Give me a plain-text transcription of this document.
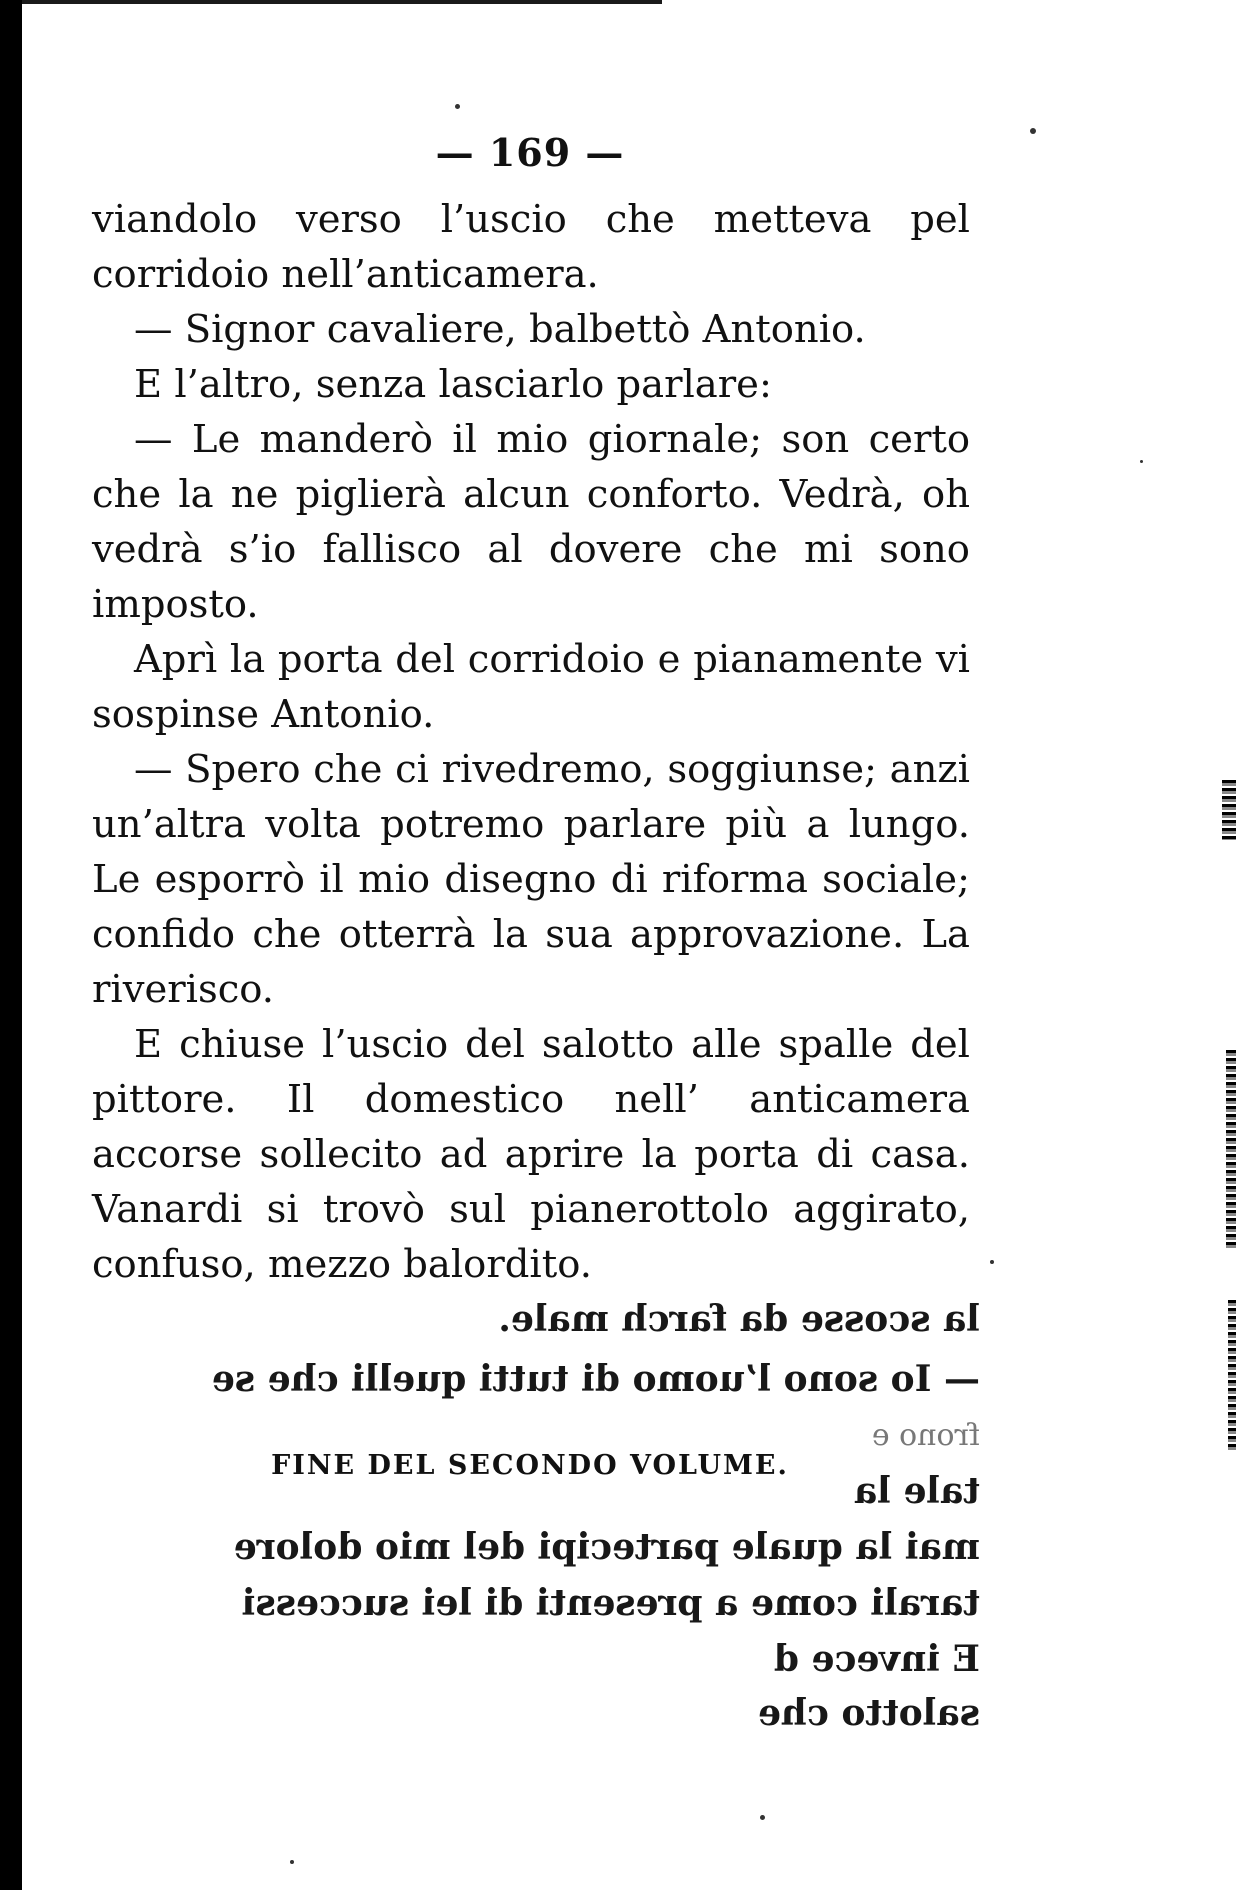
— 169 —

viandolo verso l’uscio che metteva pel corridoio nell’anticamera.

— Signor cavaliere, balbettò Antonio.

E l’altro, senza lasciarlo parlare:

— Le manderò il mio giornale; son certo che la ne piglierà alcun conforto. Vedrà, oh vedrà s’io fallisco al dovere che mi sono imposto.

Aprì la porta del corridoio e pianamente vi sospinse Antonio.

— Spero che ci rivedremo, soggiunse; anzi un’altra volta potremo parlare più a lungo. Le esporrò il mio disegno di riforma sociale; confido che otterrà la sua approvazione. La riverisco.

E chiuse l’uscio del salotto alle spalle del pittore. Il domestico nell’ anticamera accorse sollecito ad aprire la porta di casa. Vanardi si trovò sul pianerottolo aggirato, confuso, mezzo balordito.

la scosse da farch male.
— Io sono l’uomo di tutti quelli che se
frono e
tale la
mai la quale partecipi del mio dolore
tarali come a presenti di lei successi
E invece d
salotto che
FINE DEL SECONDO VOLUME.
